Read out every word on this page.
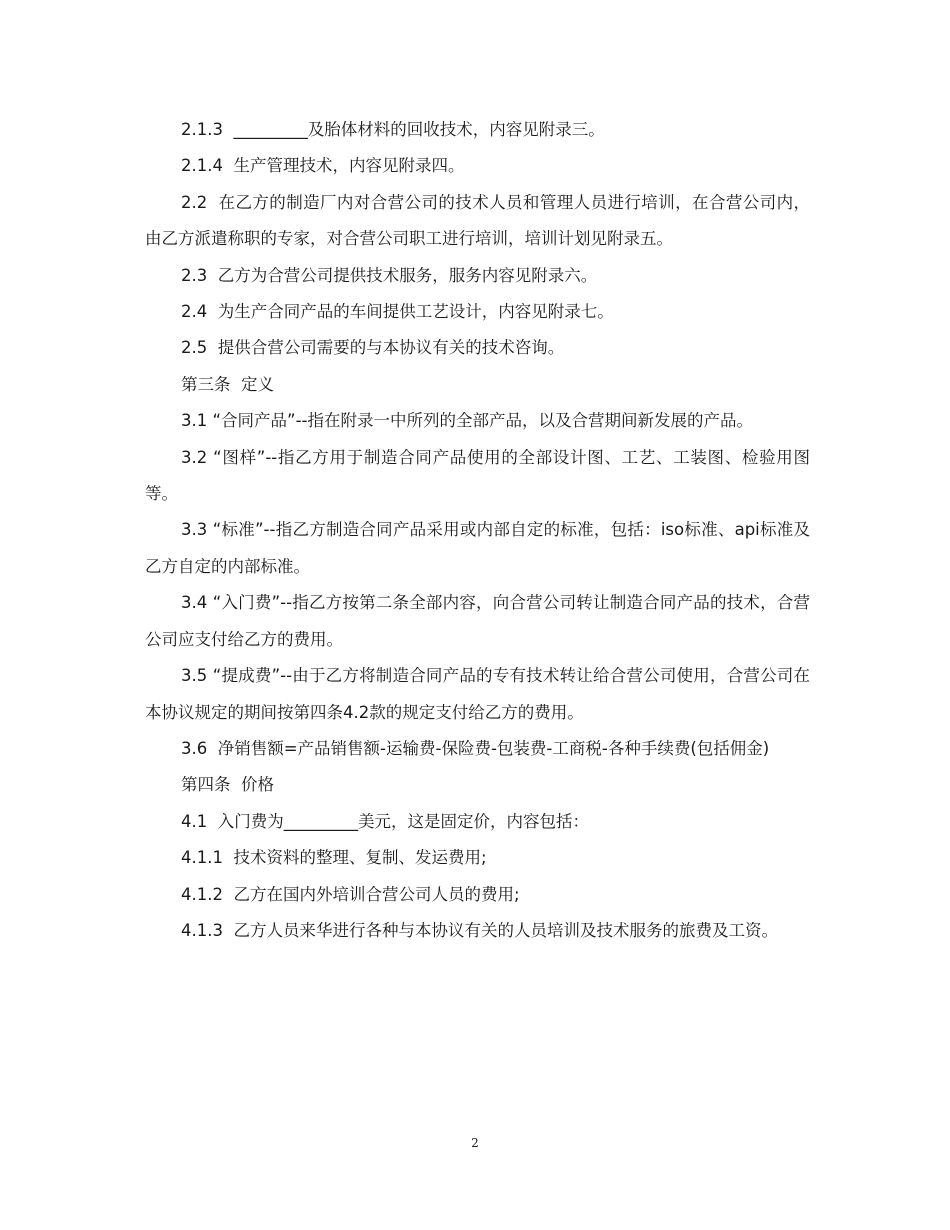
2.1.3  _________及胎体材料的回收技术，内容见附录三。

2.1.4  生产管理技术，内容见附录四。

2.2  在乙方的制造厂内对合营公司的技术人员和管理人员进行培训，在合营公司内，由乙方派遣称职的专家，对合营公司职工进行培训，培训计划见附录五。

2.3  乙方为合营公司提供技术服务，服务内容见附录六。

2.4  为生产合同产品的车间提供工艺设计，内容见附录七。

2.5  提供合营公司需要的与本协议有关的技术咨询。

第三条  定义

3.1 “合同产品”--指在附录一中所列的全部产品，以及合营期间新发展的产品。

3.2 “图样”--指乙方用于制造合同产品使用的全部设计图、工艺、工装图、检验用图等。

3.3 “标准”--指乙方制造合同产品采用或内部自定的标准，包括：iso标准、api标准及乙方自定的内部标准。

3.4 “入门费”--指乙方按第二条全部内容，向合营公司转让制造合同产品的技术，合营公司应支付给乙方的费用。

3.5 “提成费”--由于乙方将制造合同产品的专有技术转让给合营公司使用，合营公司在本协议规定的期间按第四条4.2款的规定支付给乙方的费用。

3.6  净销售额=产品销售额-运输费-保险费-包装费-工商税-各种手续费(包括佣金)

第四条  价格

4.1  入门费为_________美元，这是固定价，内容包括：

4.1.1  技术资料的整理、复制、发运费用;

4.1.2  乙方在国内外培训合营公司人员的费用;

4.1.3  乙方人员来华进行各种与本协议有关的人员培训及技术服务的旅费及工资。

2
